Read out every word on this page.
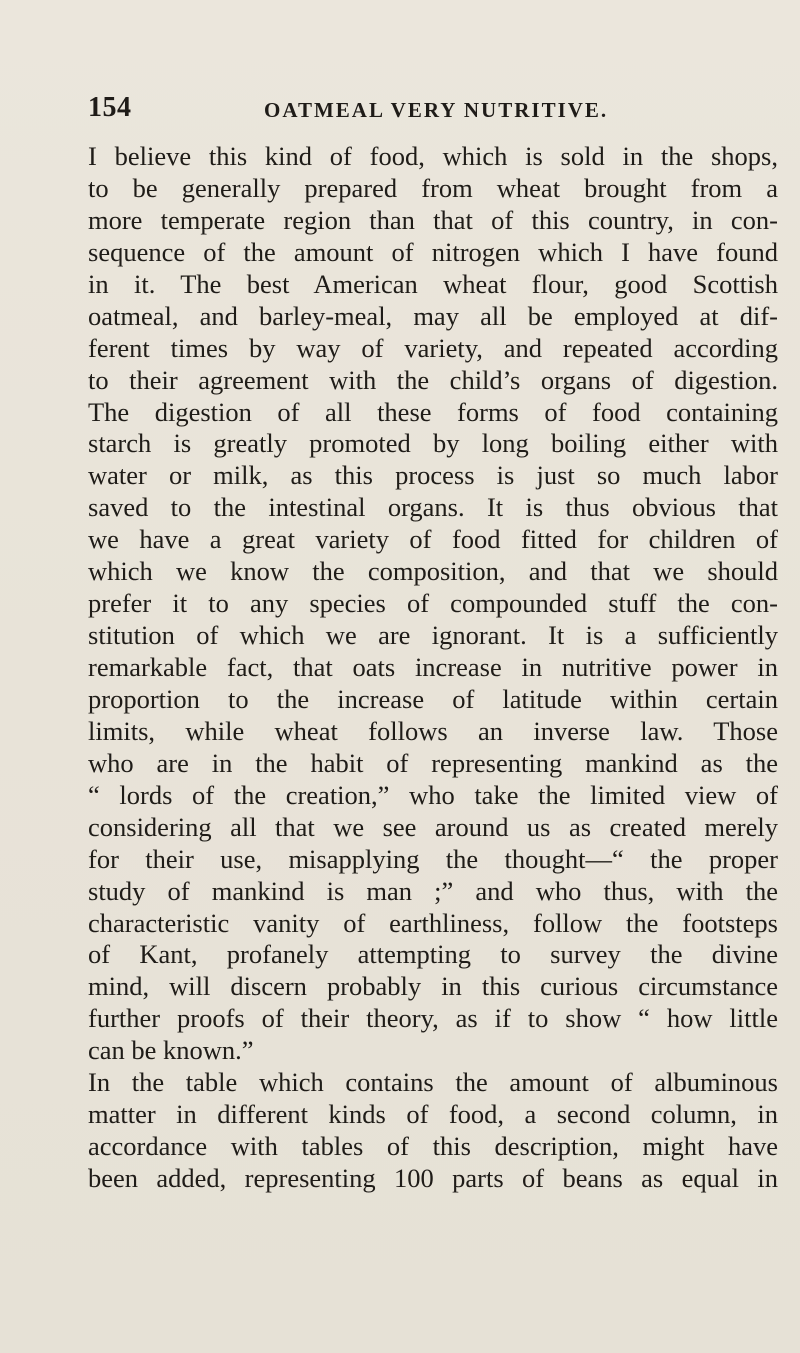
154	OATMEAL VERY NUTRITIVE.
I believe this kind of food, which is sold in the shops,
to be generally prepared from wheat brought from a
more temperate region than that of this country, in con-
sequence of the amount of nitrogen which I have found
in it. The best American wheat flour, good Scottish
oatmeal, and barley-meal, may all be employed at dif-
ferent times by way of variety, and repeated according
to their agreement with the child’s organs of digestion.
The digestion of all these forms of food containing
starch is greatly promoted by long boiling either with
water or milk, as this process is just so much labor
saved to the intestinal organs. It is thus obvious that
we have a great variety of food fitted for children of
which we know the composition, and that we should
prefer it to any species of compounded stuff the con-
stitution of which we are ignorant. It is a sufficiently
remarkable fact, that oats increase in nutritive power in
proportion to the increase of latitude within certain
limits, while wheat follows an inverse law. Those
who are in the habit of representing mankind as the
“ lords of the creation,” who take the limited view of
considering all that we see around us as created merely
for their use, misapplying the thought—“ the proper
study of mankind is man ;” and who thus, with the
characteristic vanity of earthliness, follow the footsteps
of Kant, profanely attempting to survey the divine
mind, will discern probably in this curious circumstance
further proofs of their theory, as if to show “ how little
can be known.”
In the table which contains the amount of albuminous
matter in different kinds of food, a second column, in
accordance with tables of this description, might have
been added, representing 100 parts of beans as equal in
